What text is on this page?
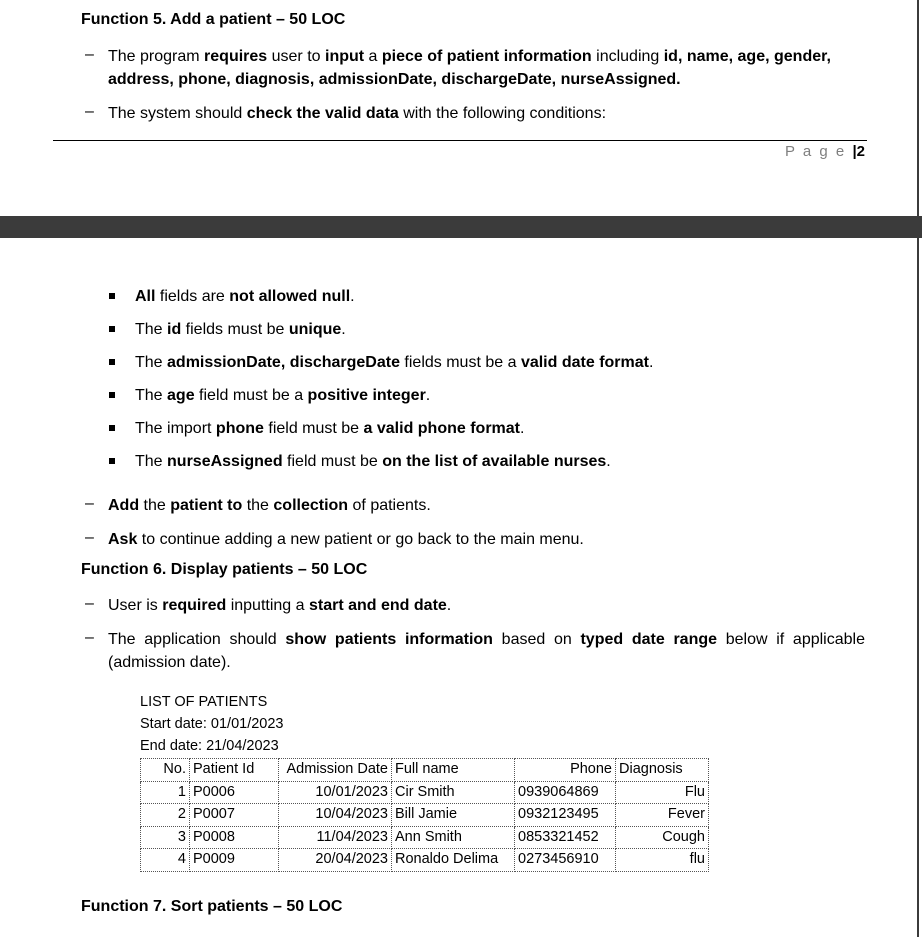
Function 5. Add a patient – 50 LOC
– The program requires user to input a piece of patient information including id, name, age, gender,
address, phone, diagnosis, admissionDate, dischargeDate, nurseAssigned.
– The system should check the valid data with the following conditions:
P a g e |2
All fields are not allowed null.
The id fields must be unique.
The admissionDate, dischargeDate fields must be a valid date format.
The age field must be a positive integer.
The import phone field must be a valid phone format.
The nurseAssigned field must be on the list of available nurses.
– Add the patient to the collection of patients.
– Ask to continue adding a new patient or go back to the main menu.
Function 6. Display patients – 50 LOC
– User is required inputting a start and end date.
– The application should show patients information based on typed date range below if applicable
(admission date).
LIST OF PATIENTS
Start date: 01/01/2023
End date: 21/04/2023
No.	Patient Id	Admission Date	Full name	Phone	Diagnosis
1	P0006	10/01/2023	Cir Smith	0939064869	Flu
2	P0007	10/04/2023	Bill Jamie	0932123495	Fever
3	P0008	11/04/2023	Ann Smith	0853321452	Cough
4	P0009	20/04/2023	Ronaldo Delima	0273456910	flu
Function 7. Sort patients – 50 LOC
